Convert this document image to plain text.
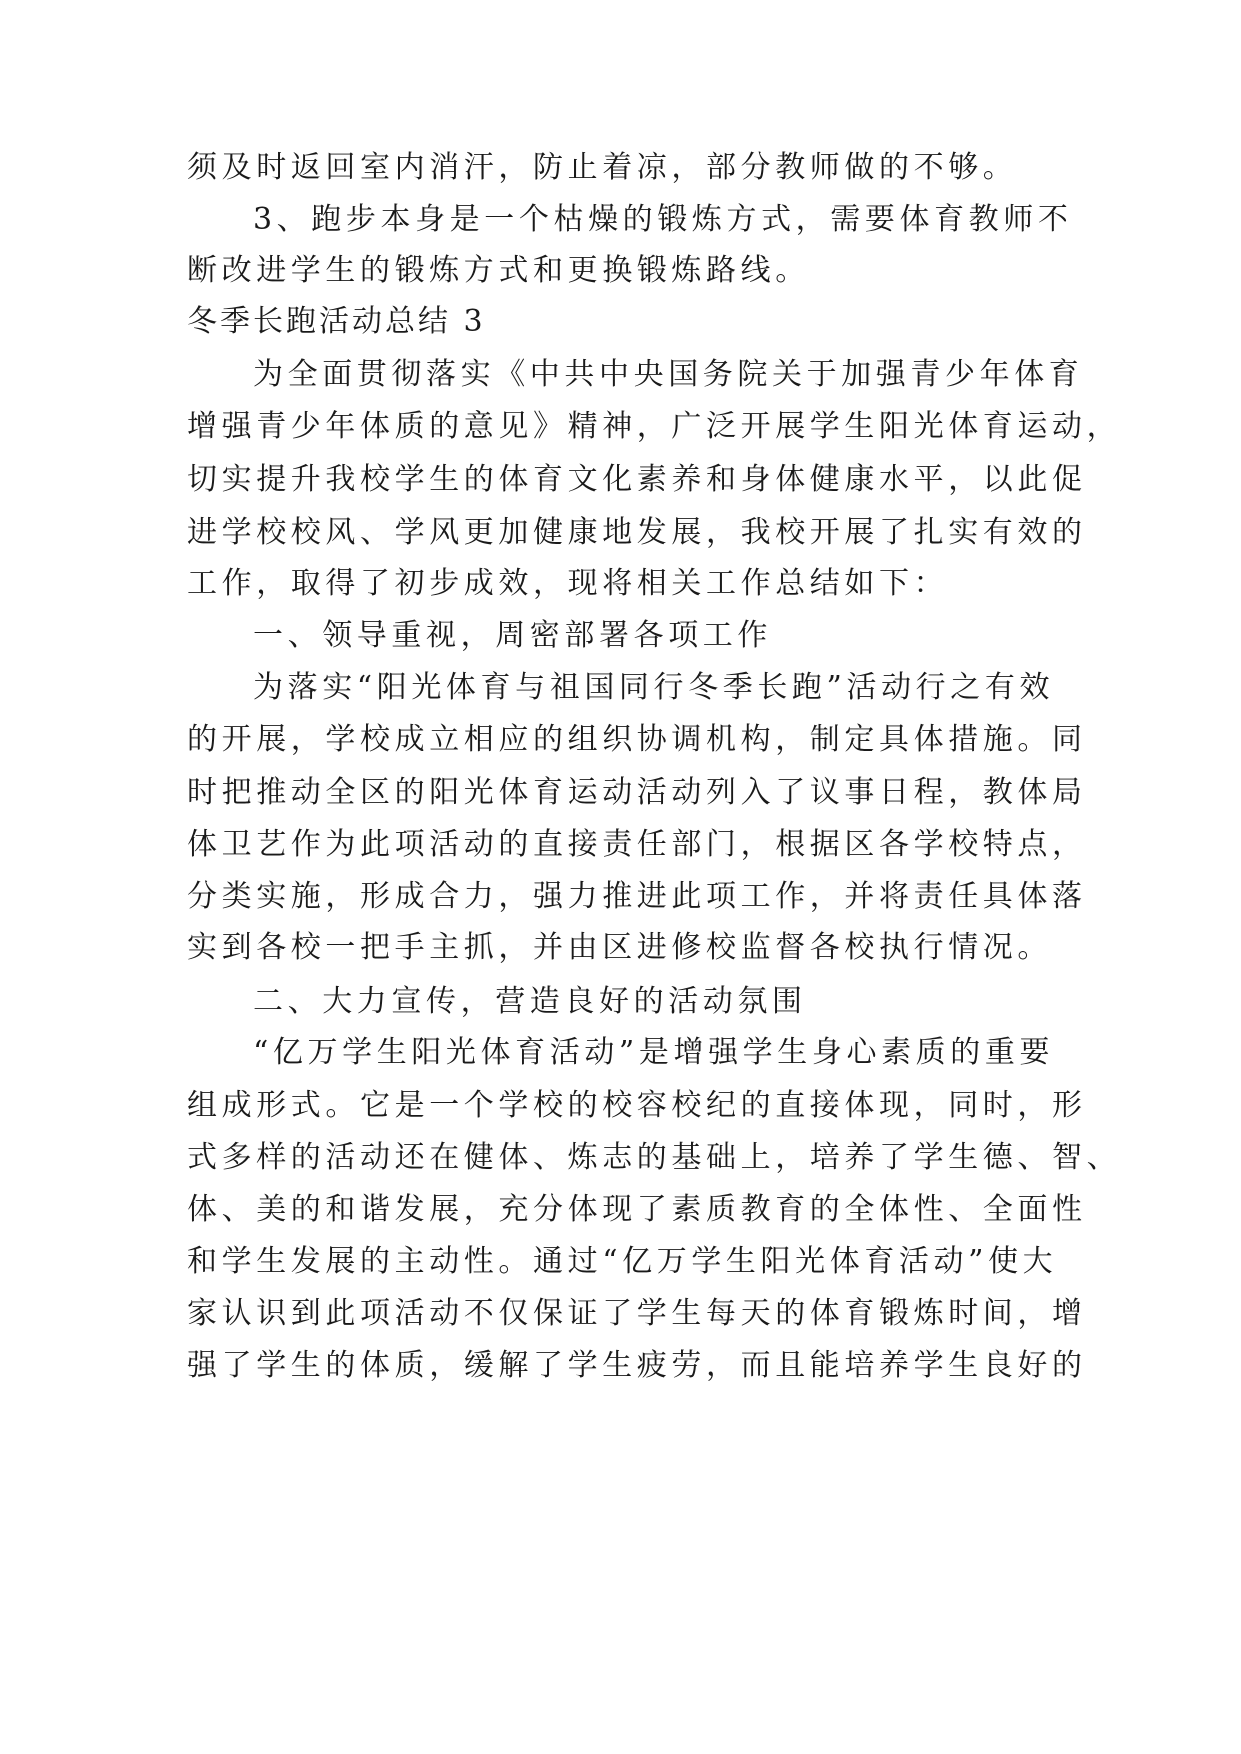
须及时返回室内消汗，防止着凉，部分教师做的不够。
3、跑步本身是一个枯燥的锻炼方式，需要体育教师不
断改进学生的锻炼方式和更换锻炼路线。
冬季长跑活动总结 3
为全面贯彻落实《中共中央国务院关于加强青少年体育
增强青少年体质的意见》精神，广泛开展学生阳光体育运动，
切实提升我校学生的体育文化素养和身体健康水平，以此促
进学校校风、学风更加健康地发展，我校开展了扎实有效的
工作，取得了初步成效，现将相关工作总结如下：
一、领导重视，周密部署各项工作
为落实“阳光体育与祖国同行冬季长跑”活动行之有效
的开展，学校成立相应的组织协调机构，制定具体措施。同
时把推动全区的阳光体育运动活动列入了议事日程，教体局
体卫艺作为此项活动的直接责任部门，根据区各学校特点，
分类实施，形成合力，强力推进此项工作，并将责任具体落
实到各校一把手主抓，并由区进修校监督各校执行情况。
二、大力宣传，营造良好的活动氛围
“亿万学生阳光体育活动”是增强学生身心素质的重要
组成形式。它是一个学校的校容校纪的直接体现，同时，形
式多样的活动还在健体、炼志的基础上，培养了学生德、智、
体、美的和谐发展，充分体现了素质教育的全体性、全面性
和学生发展的主动性。通过“亿万学生阳光体育活动”使大
家认识到此项活动不仅保证了学生每天的体育锻炼时间，增
强了学生的体质，缓解了学生疲劳，而且能培养学生良好的
